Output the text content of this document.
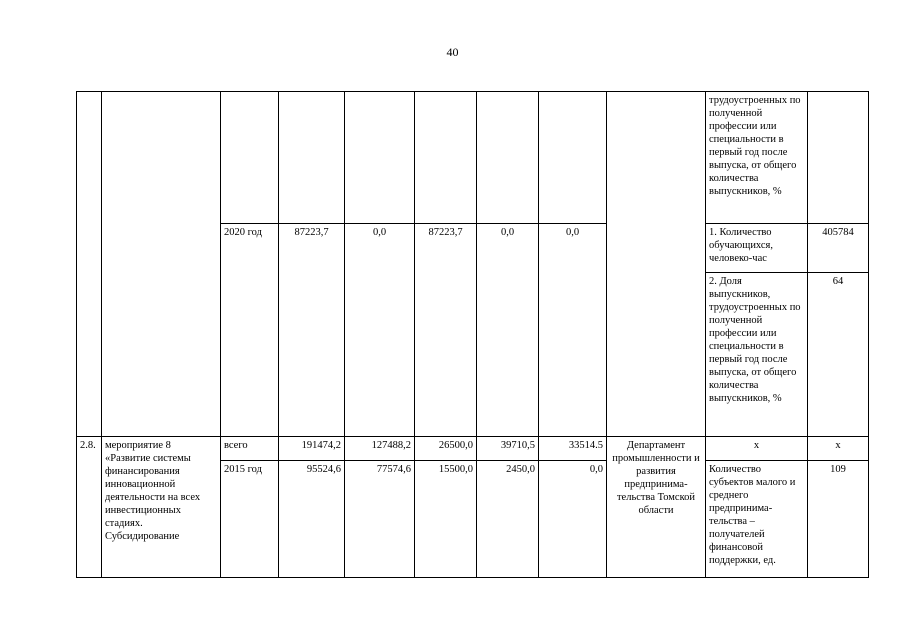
40
									трудоустроенных по полученной профессии или специальности в первый год после выпуска, от общего количества выпускников, %	
		2020 год	87223,7	0,0	87223,7	0,0	0,0		1. Количество обучающихся, человеко-час	405784
									2. Доля выпускников, трудоустроенных по полученной профессии или специальности в первый год после выпуска, от общего количества выпускников, %	64
2.8.	мероприятие 8 «Развитие системы финансирования инновационной деятельности на всех инвестиционных стадиях. Субсидирование	всего	191474,2	127488,2	26500,0	39710,5	33514.5	Департамент промышленности и развития предпринима-тельства Томской области	х	х
		2015 год	95524,6	77574,6	15500,0	2450,0	0,0		Количество субъектов малого и среднего предпринима-тельства – получателей финансовой поддержки, ед.	109
